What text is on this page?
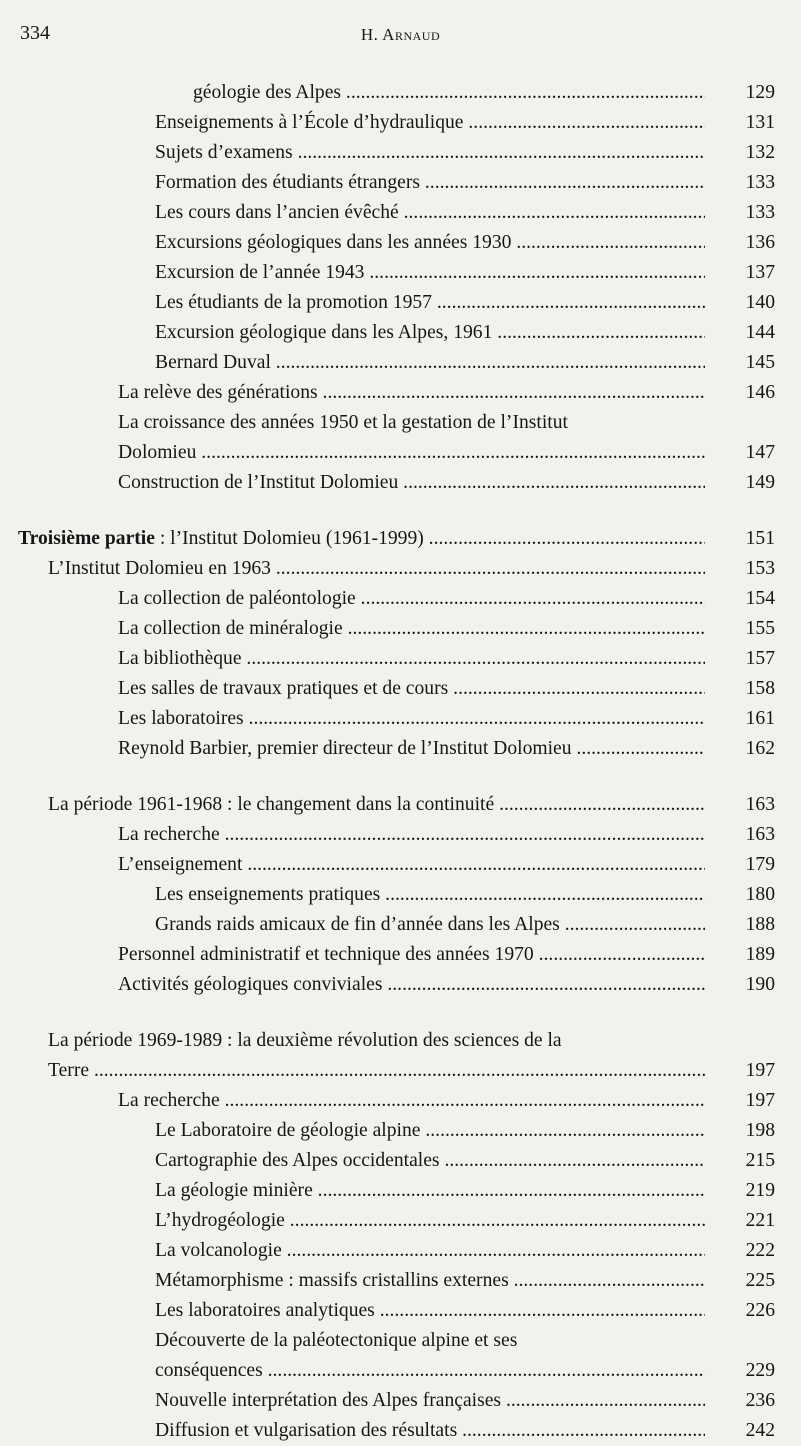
334	H. Arnaud
géologie des Alpes .....	129
Enseignements à l’École d’hydraulique .....	131
Sujets d’examens .....	132
Formation des étudiants étrangers .....	133
Les cours dans l’ancien évêché .....	133
Excursions géologiques dans les années 1930 .....	136
Excursion de l’année 1943 .....	137
Les étudiants de la promotion 1957 .....	140
Excursion géologique dans les Alpes, 1961 .....	144
Bernard Duval .....	145
La relève des générations .....	146
La croissance des années 1950 et la gestation de l’Institut
Dolomieu .....	147
Construction de l’Institut Dolomieu .....	149
Troisième partie : l’Institut Dolomieu (1961-1999) .....	151
L’Institut Dolomieu en 1963 .....	153
La collection de paléontologie .....	154
La collection de minéralogie .....	155
La bibliothèque .....	157
Les salles de travaux pratiques et de cours .....	158
Les laboratoires .....	161
Reynold Barbier, premier directeur de l’Institut Dolomieu .....	162
La période 1961-1968 : le changement dans la continuité .....	163
La recherche .....	163
L’enseignement .....	179
Les enseignements pratiques .....	180
Grands raids amicaux de fin d’année dans les Alpes .....	188
Personnel administratif et technique des années 1970 .....	189
Activités géologiques conviviales .....	190
La période 1969-1989 : la deuxième révolution des sciences de la
Terre .....	197
La recherche .....	197
Le Laboratoire de géologie alpine .....	198
Cartographie des Alpes occidentales .....	215
La géologie minière .....	219
L’hydrogéologie .....	221
La volcanologie .....	222
Métamorphisme : massifs cristallins externes .....	225
Les laboratoires analytiques .....	226
Découverte de la paléotectonique alpine et ses
conséquences .....	229
Nouvelle interprétation des Alpes françaises .....	236
Diffusion et vulgarisation des résultats .....	242
